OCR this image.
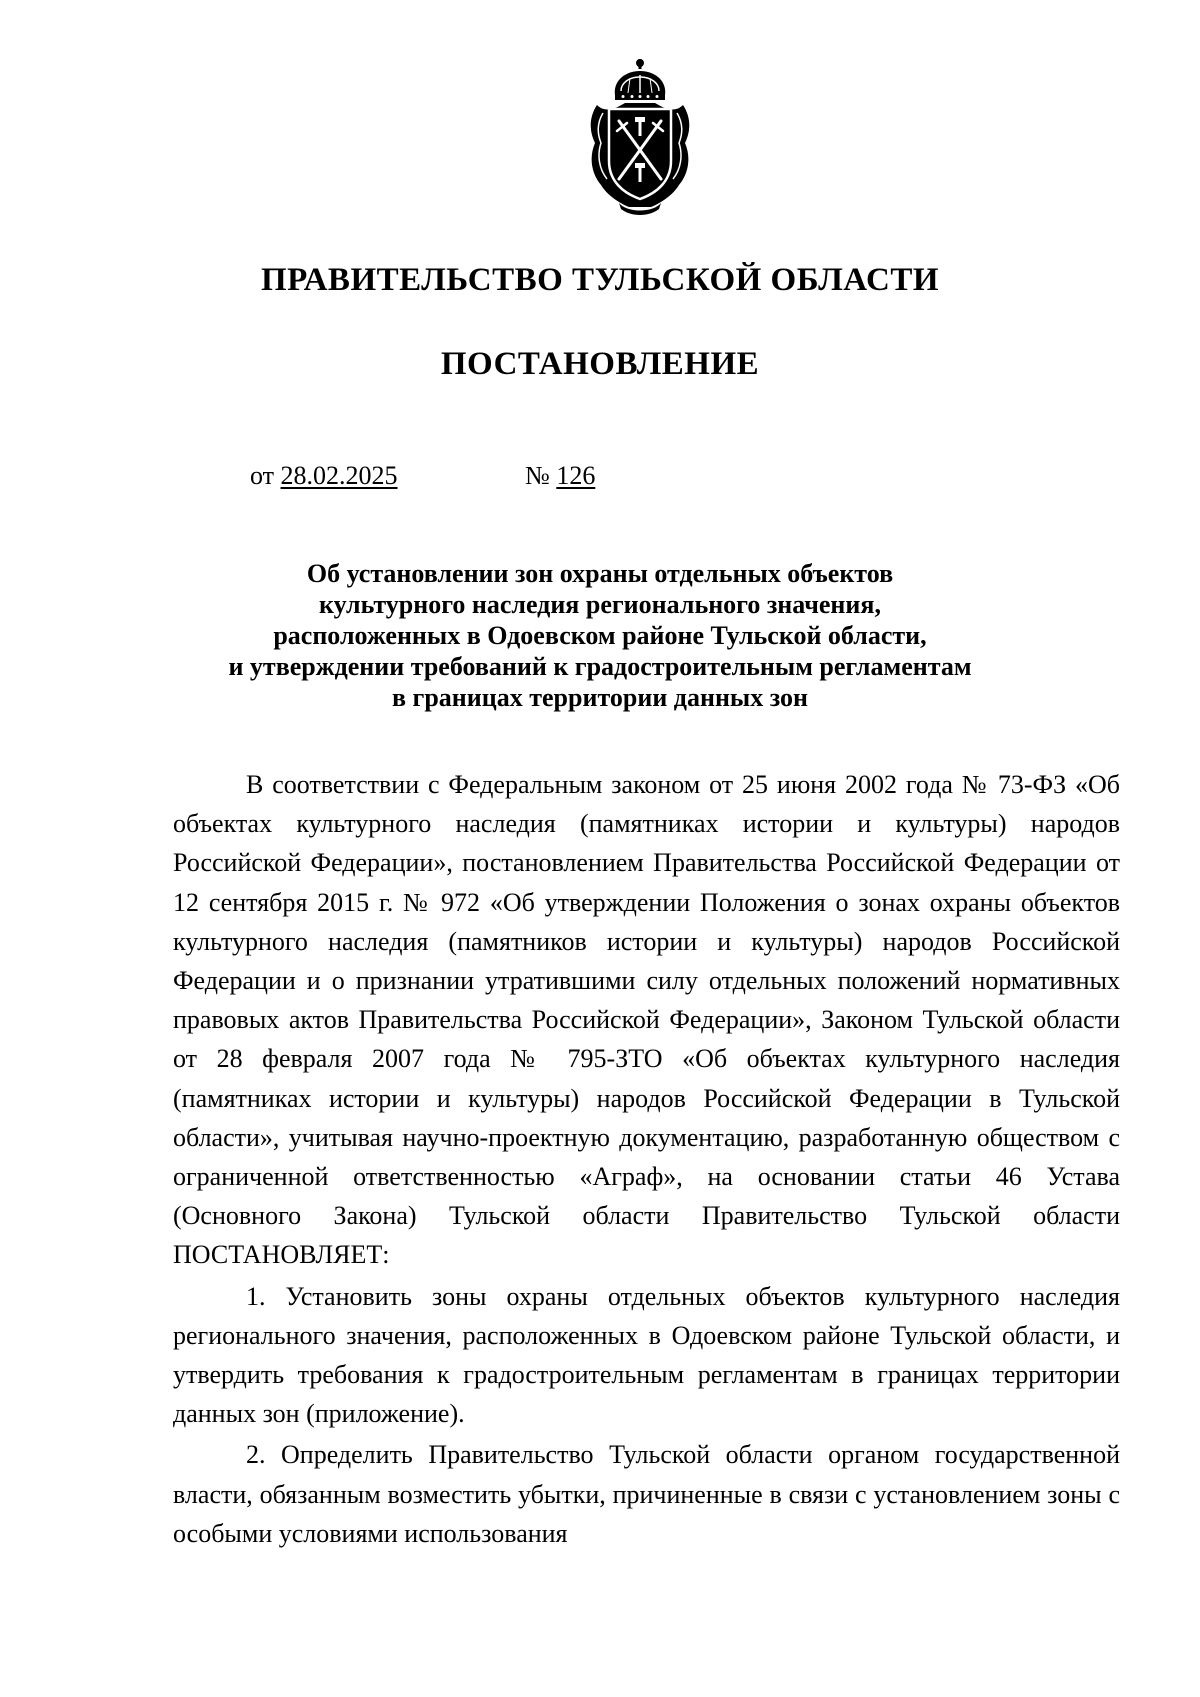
ПРАВИТЕЛЬСТВО ТУЛЬСКОЙ ОБЛАСТИ
ПОСТАНОВЛЕНИЕ
от 28.02.2025	№ 126
Об установлении зон охраны отдельных объектов
культурного наследия регионального значения,
расположенных в Одоевском районе Тульской области,
и утверждении требований к градостроительным регламентам
в границах территории данных зон

В соответствии с Федеральным законом от 25 июня 2002 года № 73-ФЗ «Об объектах культурного наследия (памятниках истории и культуры) народов Российской Федерации», постановлением Правительства Российской Федерации от 12 сентября 2015 г. № 972 «Об утверждении Положения о зонах охраны объектов культурного наследия (памятников истории и культуры) народов Российской Федерации и о признании утратившими силу отдельных положений нормативных правовых актов Правительства Российской Федерации», Законом Тульской области от 28 февраля 2007 года № 795-ЗТО «Об объектах культурного наследия (памятниках истории и культуры) народов Российской Федерации в Тульской области», учитывая научно-проектную документацию, разработанную обществом с ограниченной ответственностью «Аграф», на основании статьи 46 Устава (Основного Закона) Тульской области Правительство Тульской области ПОСТАНОВЛЯЕТ:

1. Установить зоны охраны отдельных объектов культурного наследия регионального значения, расположенных в Одоевском районе Тульской области, и утвердить требования к градостроительным регламентам в границах территории данных зон (приложение).

2. Определить Правительство Тульской области органом государственной власти, обязанным возместить убытки, причиненные в связи с установлением зоны с особыми условиями использования
